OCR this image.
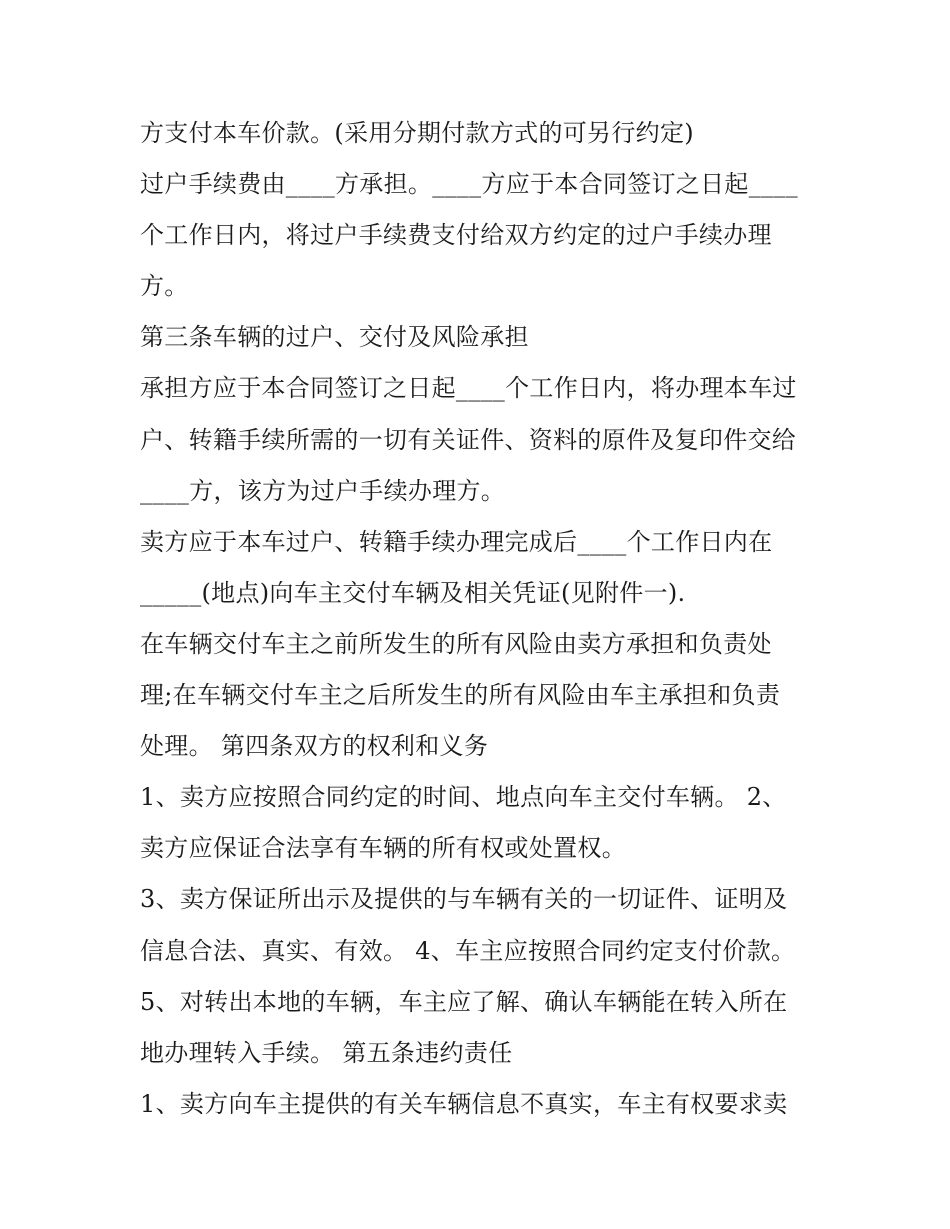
方支付本车价款。(采用分期付款方式的可另行约定)
过户手续费由____方承担。____方应于本合同签订之日起____
个工作日内，将过户手续费支付给双方约定的过户手续办理
方。
第三条车辆的过户、交付及风险承担
承担方应于本合同签订之日起____个工作日内，将办理本车过
户、转籍手续所需的一切有关证件、资料的原件及复印件交给
____方，该方为过户手续办理方。
卖方应于本车过户、转籍手续办理完成后____个工作日内在
_____(地点)向车主交付车辆及相关凭证(见附件一).
在车辆交付车主之前所发生的所有风险由卖方承担和负责处
理;在车辆交付车主之后所发生的所有风险由车主承担和负责
处理。 第四条双方的权利和义务
1、卖方应按照合同约定的时间、地点向车主交付车辆。 2、
卖方应保证合法享有车辆的所有权或处置权。
3、卖方保证所出示及提供的与车辆有关的一切证件、证明及
信息合法、真实、有效。 4、车主应按照合同约定支付价款。
5、对转出本地的车辆，车主应了解、确认车辆能在转入所在
地办理转入手续。 第五条违约责任
1、卖方向车主提供的有关车辆信息不真实，车主有权要求卖
